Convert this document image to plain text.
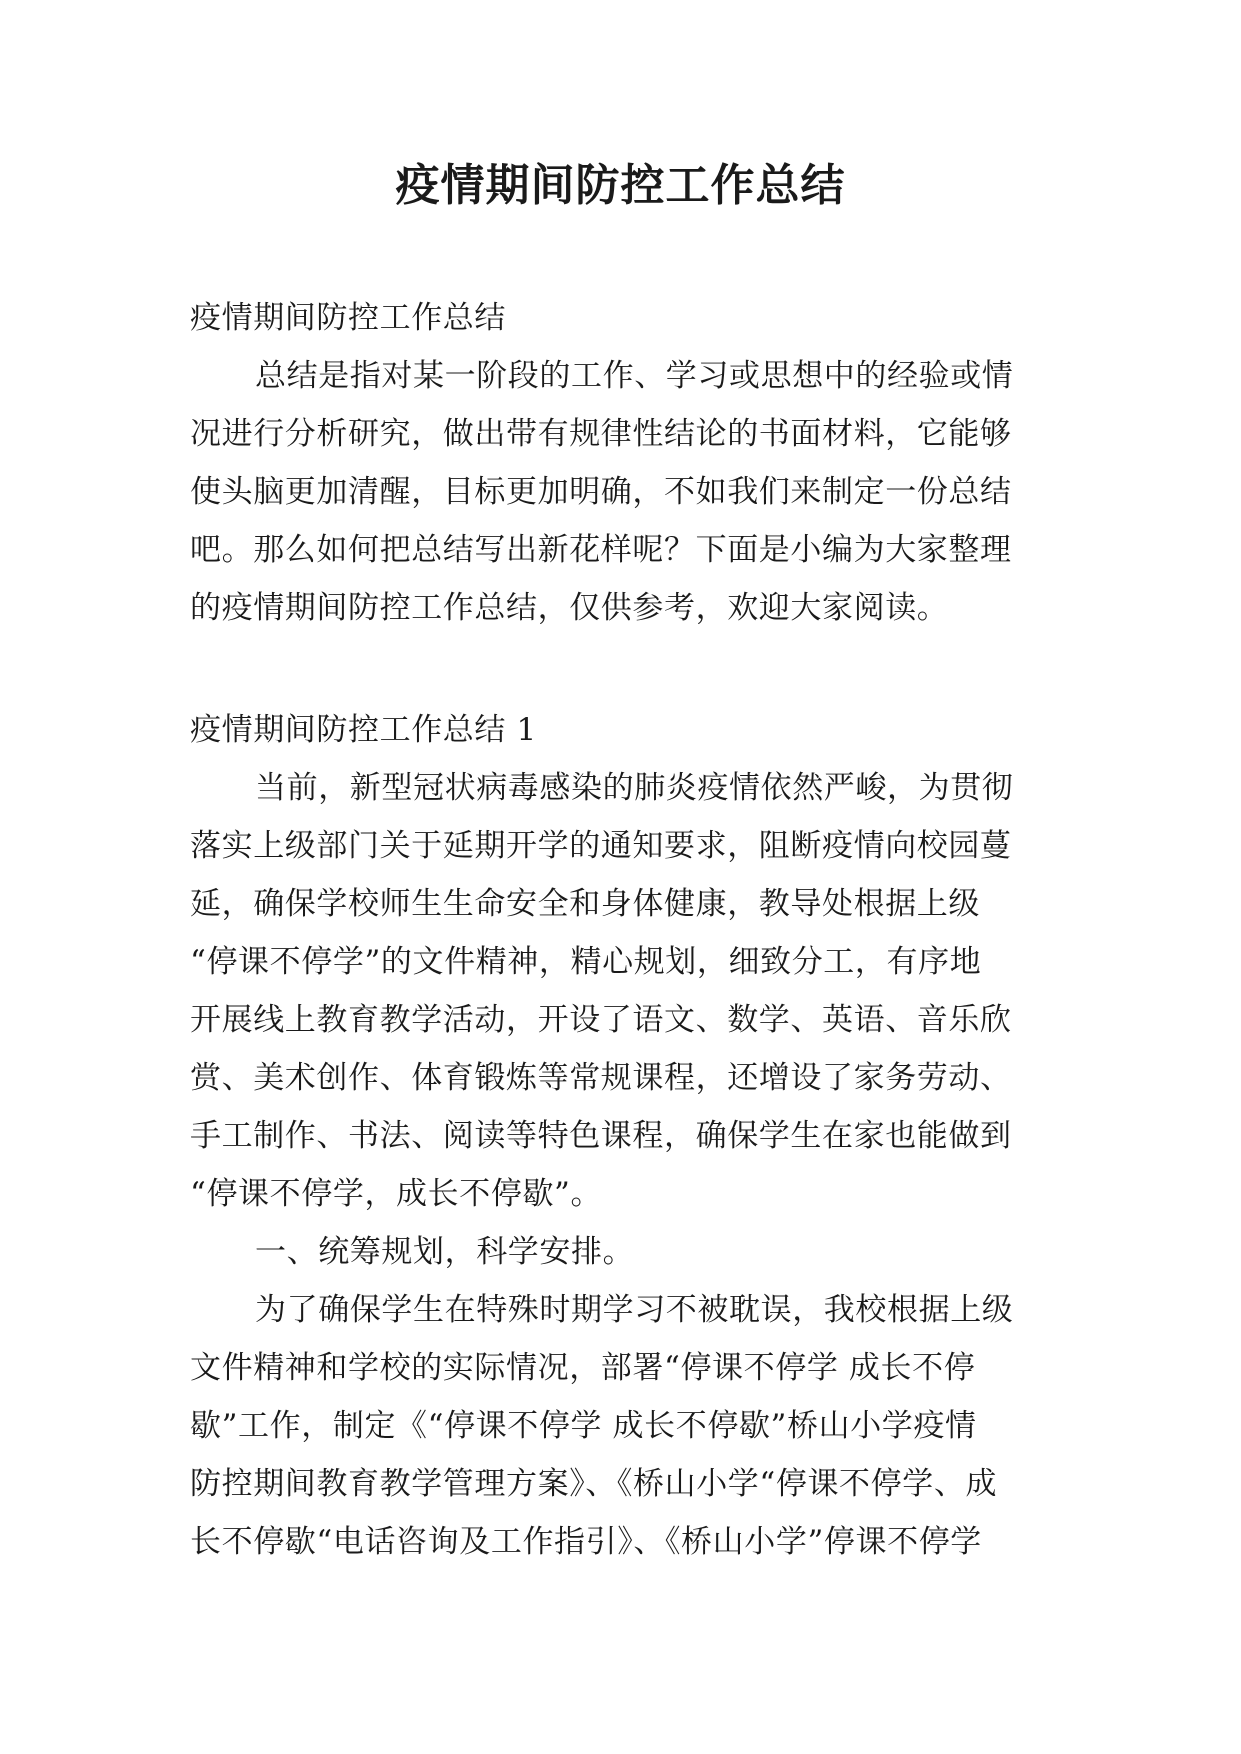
疫情期间防控工作总结
疫情期间防控工作总结
总结是指对某一阶段的工作、学习或思想中的经验或情
况进行分析研究，做出带有规律性结论的书面材料，它能够
使头脑更加清醒，目标更加明确，不如我们来制定一份总结
吧。那么如何把总结写出新花样呢？下面是小编为大家整理
的疫情期间防控工作总结，仅供参考，欢迎大家阅读。
疫情期间防控工作总结 1
当前，新型冠状病毒感染的肺炎疫情依然严峻，为贯彻
落实上级部门关于延期开学的通知要求，阻断疫情向校园蔓
延，确保学校师生生命安全和身体健康，教导处根据上级
“停课不停学”的文件精神，精心规划，细致分工，有序地
开展线上教育教学活动，开设了语文、数学、英语、音乐欣
赏、美术创作、体育锻炼等常规课程，还增设了家务劳动、
手工制作、书法、阅读等特色课程，确保学生在家也能做到
“停课不停学，成长不停歇”。
一、统筹规划，科学安排。
为了确保学生在特殊时期学习不被耽误，我校根据上级
文件精神和学校的实际情况，部署“停课不停学 成长不停
歇”工作，制定《“停课不停学 成长不停歇”桥山小学疫情
防控期间教育教学管理方案》、《桥山小学“停课不停学、成
长不停歇“电话咨询及工作指引》、《桥山小学”停课不停学
